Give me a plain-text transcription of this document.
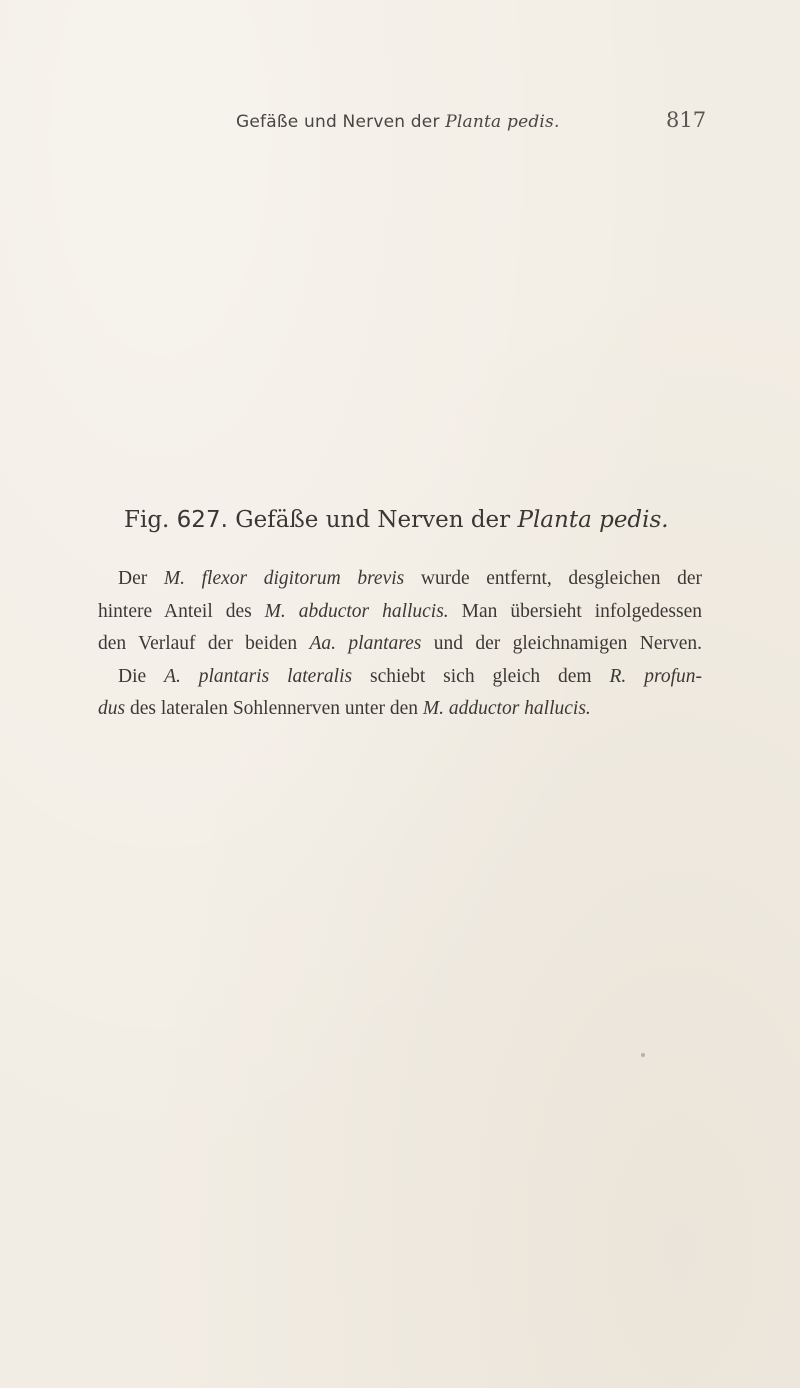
Gefäße und Nerven der Planta pedis.	817
Fig. 627. Gefäße und Nerven der Planta pedis.
Der M. flexor digitorum brevis wurde entfernt, desgleichen der
hintere Anteil des M. abductor hallucis. Man übersieht infolgedessen
den Verlauf der beiden Aa. plantares und der gleichnamigen Nerven.
Die A. plantaris lateralis schiebt sich gleich dem R. profun-
dus des lateralen Sohlennerven unter den M. adductor hallucis.
